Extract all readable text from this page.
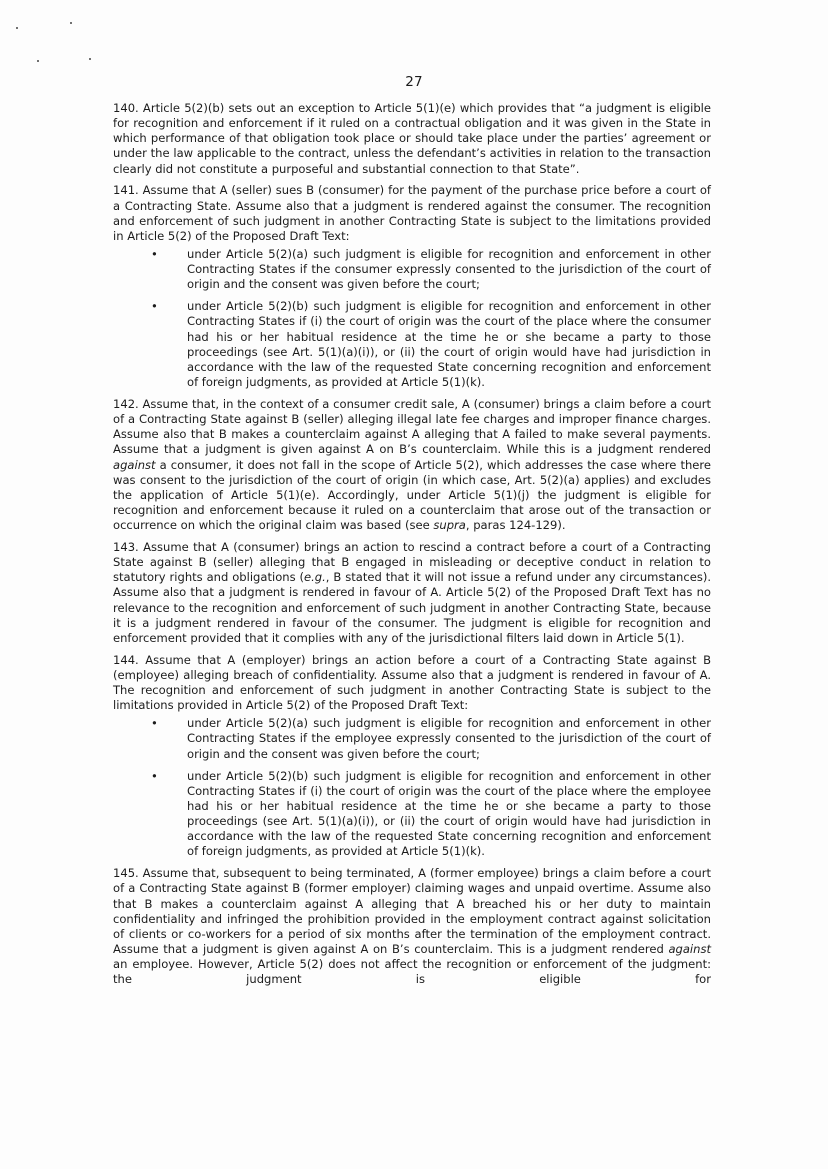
27

140. Article 5(2)(b) sets out an exception to Article 5(1)(e) which provides that “a judgment is eligible for recognition and enforcement if it ruled on a contractual obligation and it was given in the State in which performance of that obligation took place or should take place under the parties’ agreement or under the law applicable to the contract, unless the defendant’s activities in relation to the transaction clearly did not constitute a purposeful and substantial connection to that State”.

141. Assume that A (seller) sues B (consumer) for the payment of the purchase price before a court of a Contracting State. Assume also that a judgment is rendered against the consumer. The recognition and enforcement of such judgment in another Contracting State is subject to the limitations provided in Article 5(2) of the Proposed Draft Text:

•	under Article 5(2)(a) such judgment is eligible for recognition and enforcement in other Contracting States if the consumer expressly consented to the jurisdiction of the court of origin and the consent was given before the court;
•	under Article 5(2)(b) such judgment is eligible for recognition and enforcement in other Contracting States if (i) the court of origin was the court of the place where the consumer had his or her habitual residence at the time he or she became a party to those proceedings (see Art. 5(1)(a)(i)), or (ii) the court of origin would have had jurisdiction in accordance with the law of the requested State concerning recognition and enforcement of foreign judgments, as provided at Article 5(1)(k).

142. Assume that, in the context of a consumer credit sale, A (consumer) brings a claim before a court of a Contracting State against B (seller) alleging illegal late fee charges and improper finance charges. Assume also that B makes a counterclaim against A alleging that A failed to make several payments. Assume that a judgment is given against A on B’s counterclaim. While this is a judgment rendered against a consumer, it does not fall in the scope of Article 5(2), which addresses the case where there was consent to the jurisdiction of the court of origin (in which case, Art. 5(2)(a) applies) and excludes the application of Article 5(1)(e). Accordingly, under Article 5(1)(j) the judgment is eligible for recognition and enforcement because it ruled on a counterclaim that arose out of the transaction or occurrence on which the original claim was based (see supra, paras 124-129).

143. Assume that A (consumer) brings an action to rescind a contract before a court of a Contracting State against B (seller) alleging that B engaged in misleading or deceptive conduct in relation to statutory rights and obligations (e.g., B stated that it will not issue a refund under any circumstances). Assume also that a judgment is rendered in favour of A. Article 5(2) of the Proposed Draft Text has no relevance to the recognition and enforcement of such judgment in another Contracting State, because it is a judgment rendered in favour of the consumer. The judgment is eligible for recognition and enforcement provided that it complies with any of the jurisdictional filters laid down in Article 5(1).

144. Assume that A (employer) brings an action before a court of a Contracting State against B (employee) alleging breach of confidentiality. Assume also that a judgment is rendered in favour of A. The recognition and enforcement of such judgment in another Contracting State is subject to the limitations provided in Article 5(2) of the Proposed Draft Text:

•	under Article 5(2)(a) such judgment is eligible for recognition and enforcement in other Contracting States if the employee expressly consented to the jurisdiction of the court of origin and the consent was given before the court;
•	under Article 5(2)(b) such judgment is eligible for recognition and enforcement in other Contracting States if (i) the court of origin was the court of the place where the employee had his or her habitual residence at the time he or she became a party to those proceedings (see Art. 5(1)(a)(i)), or (ii) the court of origin would have had jurisdiction in accordance with the law of the requested State concerning recognition and enforcement of foreign judgments, as provided at Article 5(1)(k).

145. Assume that, subsequent to being terminated, A (former employee) brings a claim before a court of a Contracting State against B (former employer) claiming wages and unpaid overtime. Assume also that B makes a counterclaim against A alleging that A breached his or her duty to maintain confidentiality and infringed the prohibition provided in the employment contract against solicitation of clients or co-workers for a period of six months after the termination of the employment contract. Assume that a judgment is given against A on B’s counterclaim. This is a judgment rendered against an employee. However, Article 5(2) does not affect the recognition or enforcement of the judgment: the judgment is eligible for
